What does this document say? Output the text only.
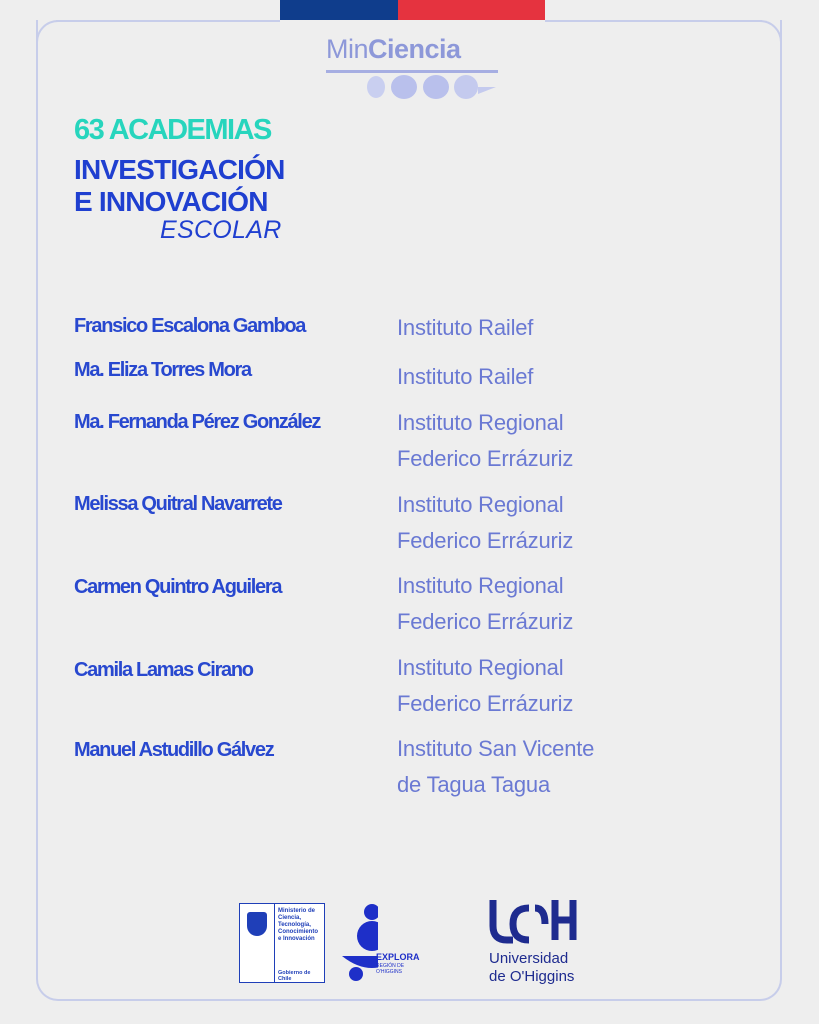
MinCiencia
63 ACADEMIAS
INVESTIGACIÓN
E INNOVACIÓN
ESCOLAR
Fransico Escalona Gamboa	Instituto Railef
Ma. Eliza Torres Mora	Instituto Railef
Ma. Fernanda Pérez González	Instituto Regional
Federico Errázuriz
Melissa Quitral Navarrete	Instituto Regional
Federico Errázuriz
Carmen Quintro Aguilera	Instituto Regional
Federico Errázuriz
Camila Lamas Cirano	Instituto Regional
Federico Errázuriz
Manuel Astudillo Gálvez	Instituto San Vicente
de Tagua Tagua
Ministerio de
Ciencia,
Tecnología,
Conocimiento
e Innovación
Gobierno de Chile
EXPLORA
REGIÓN DE
O'HIGGINS
Universidad
de O'Higgins
